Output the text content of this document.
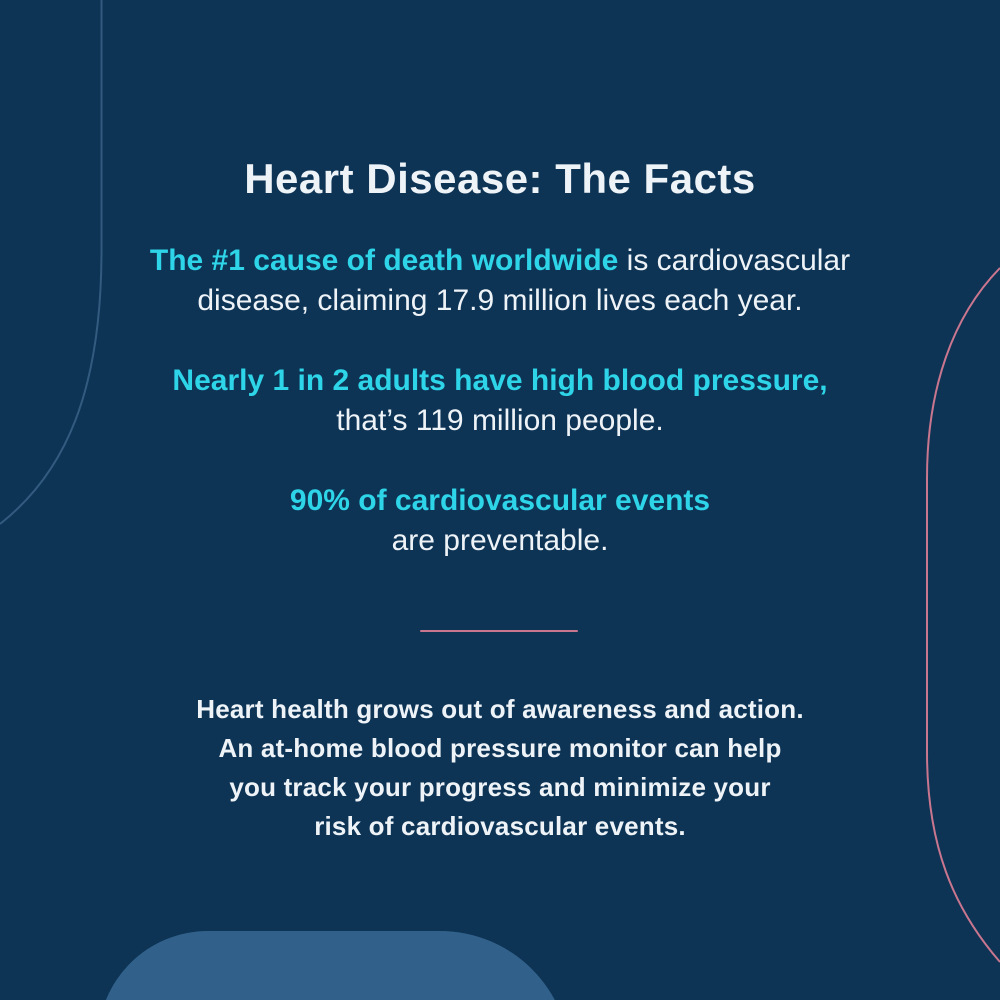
Heart Disease: The Facts
The #1 cause of death worldwide is cardiovascular
disease, claiming 17.9 million lives each year.
Nearly 1 in 2 adults have high blood pressure,
that’s 119 million people.
90% of cardiovascular events
are preventable.
Heart health grows out of awareness and action.
An at-home blood pressure monitor can help
you track your progress and minimize your
risk of cardiovascular events.
